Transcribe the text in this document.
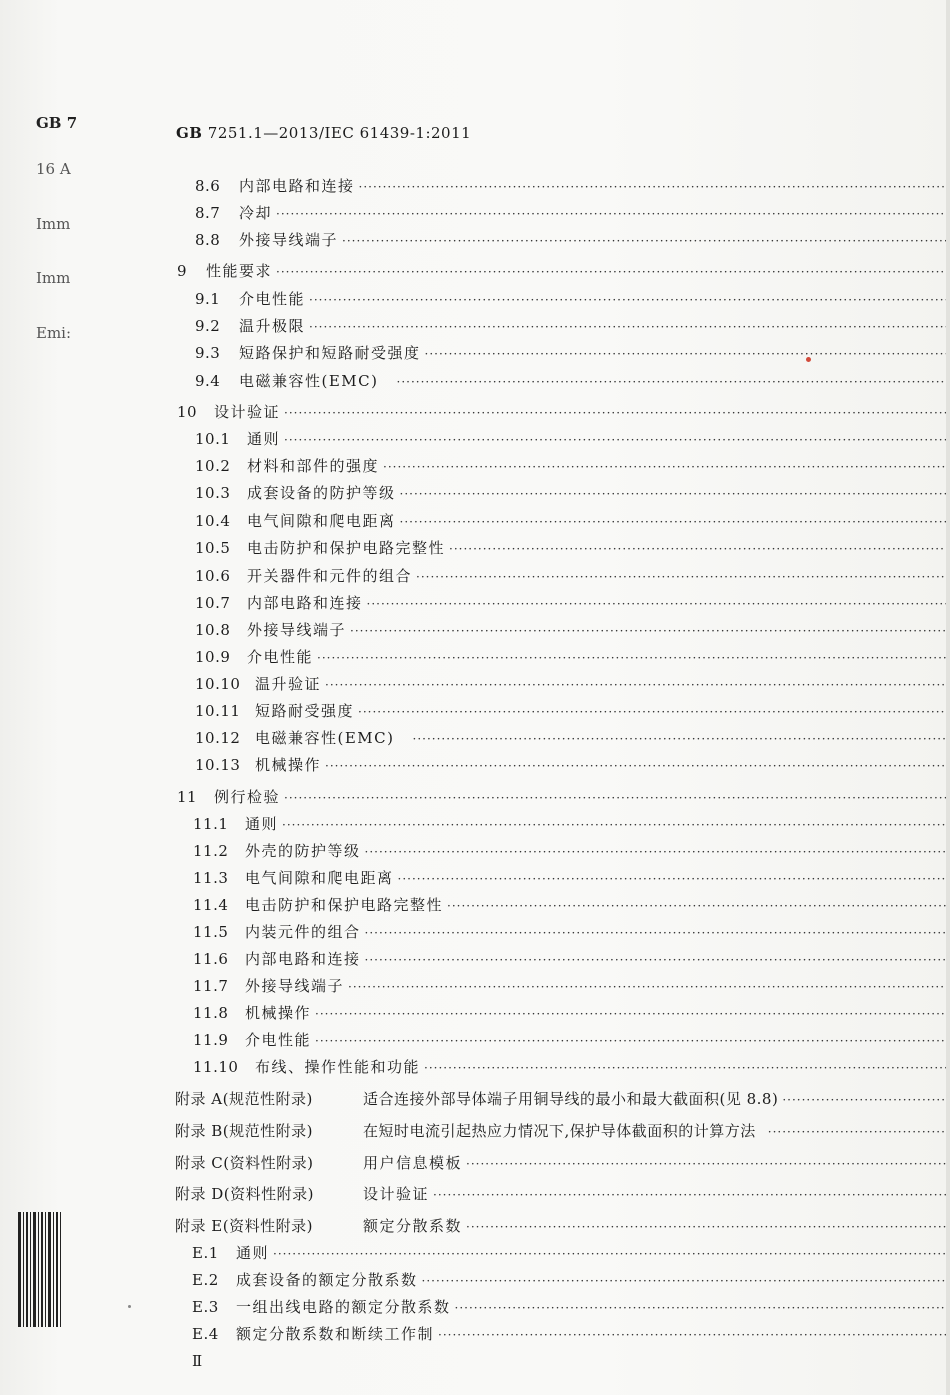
GB 7
16 A
Imm
Imm
Emi:
GB 7251.1—2013/IEC 61439-1:2011
8.6	内部电路和连接
·····
8.7	冷却
·····
8.8	外接导线端子
·····
9	性能要求
·····
9.1	介电性能
·····
9.2	温升极限
·····
9.3	短路保护和短路耐受强度
·····
9.4	电磁兼容性(EMC)
·····
10	设计验证
·····
10.1	通则
·····
10.2	材料和部件的强度
·····
10.3	成套设备的防护等级
·····
10.4	电气间隙和爬电距离
·····
10.5	电击防护和保护电路完整性
·····
10.6	开关器件和元件的组合
·····
10.7	内部电路和连接
·····
10.8	外接导线端子
·····
10.9	介电性能
·····
10.10 温升验证
·····
10.11 短路耐受强度
·····
10.12 电磁兼容性(EMC)
·····
10.13 机械操作
·····
11	例行检验
·····
11.1	通则
·····
11.2	外壳的防护等级
·····
11.3	电气间隙和爬电距离
·····
11.4	电击防护和保护电路完整性
·····
11.5	内装元件的组合
·····
11.6	内部电路和连接
·····
11.7	外接导线端子
·····
11.8	机械操作
·····
11.9	介电性能
·····
11.10	布线、操作性能和功能
·····
附录 A(规范性附录)	适合连接外部导体端子用铜导线的最小和最大截面积(见 8.8)
·····
附录 B(规范性附录)	在短时电流引起热应力情况下,保护导体截面积的计算方法
·····
附录 C(资料性附录)	用户信息模板
·····
附录 D(资料性附录)	设计验证
·····
附录 E(资料性附录)	额定分散系数
·····
E.1	通则
·····
E.2	成套设备的额定分散系数
·····
E.3	一组出线电路的额定分散系数
·····
E.4	额定分散系数和断续工作制
·····
Ⅱ
